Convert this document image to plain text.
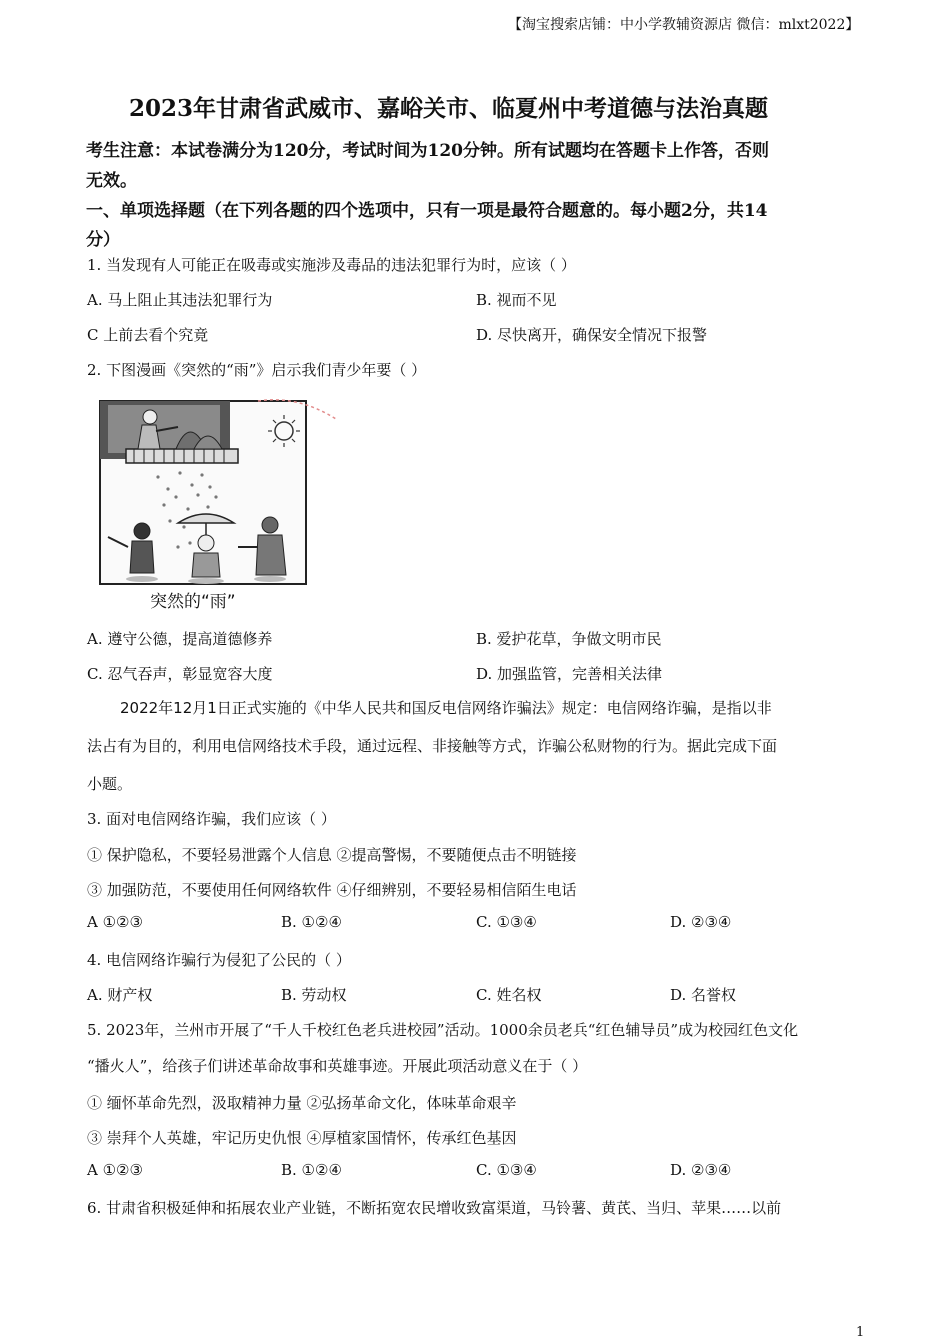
【淘宝搜索店铺：中小学教辅资源店 微信：mlxt2022】
2023年甘肃省武威市、嘉峪关市、临夏州中考道德与法治真题
考生注意：本试卷满分为120分，考试时间为120分钟。所有试题均在答题卡上作答，否则
无效。
一、单项选择题（在下列各题的四个选项中，只有一项是最符合题意的。每小题2分，共14
分）
1. 当发现有人可能正在吸毒或实施涉及毒品的违法犯罪行为时，应该（ ）
A. 马上阻止其违法犯罪行为	B. 视而不见
C 上前去看个究竟	D. 尽快离开，确保安全情况下报警
2. 下图漫画《突然的“雨”》启示我们青少年要（ ）
突然的“雨”
A. 遵守公德，提高道德修养	B. 爱护花草，争做文明市民
C. 忍气吞声，彰显宽容大度	D. 加强监管，完善相关法律
2022年12月1日正式实施的《中华人民共和国反电信网络诈骗法》规定：电信网络诈骗，是指以非
法占有为目的，利用电信网络技术手段，通过远程、非接触等方式，诈骗公私财物的行为。据此完成下面
小题。
3. 面对电信网络诈骗，我们应该（ ）
① 保护隐私，不要轻易泄露个人信息 ②提高警惕，不要随便点击不明链接
③ 加强防范，不要使用任何网络软件 ④仔细辨别，不要轻易相信陌生电话
A ①②③	B. ①②④	C. ①③④	D. ②③④
4. 电信网络诈骗行为侵犯了公民的（ ）
A. 财产权	B. 劳动权	C. 姓名权	D. 名誉权
5. 2023年，兰州市开展了“千人千校红色老兵进校园”活动。1000余员老兵“红色辅导员”成为校园红色文化
“播火人”，给孩子们讲述革命故事和英雄事迹。开展此项活动意义在于（ ）
① 缅怀革命先烈，汲取精神力量 ②弘扬革命文化，体味革命艰辛
③ 崇拜个人英雄，牢记历史仇恨 ④厚植家国情怀，传承红色基因
A ①②③	B. ①②④	C. ①③④	D. ②③④
6. 甘肃省积极延伸和拓展农业产业链，不断拓宽农民增收致富渠道，马铃薯、黄芪、当归、苹果……以前
1
